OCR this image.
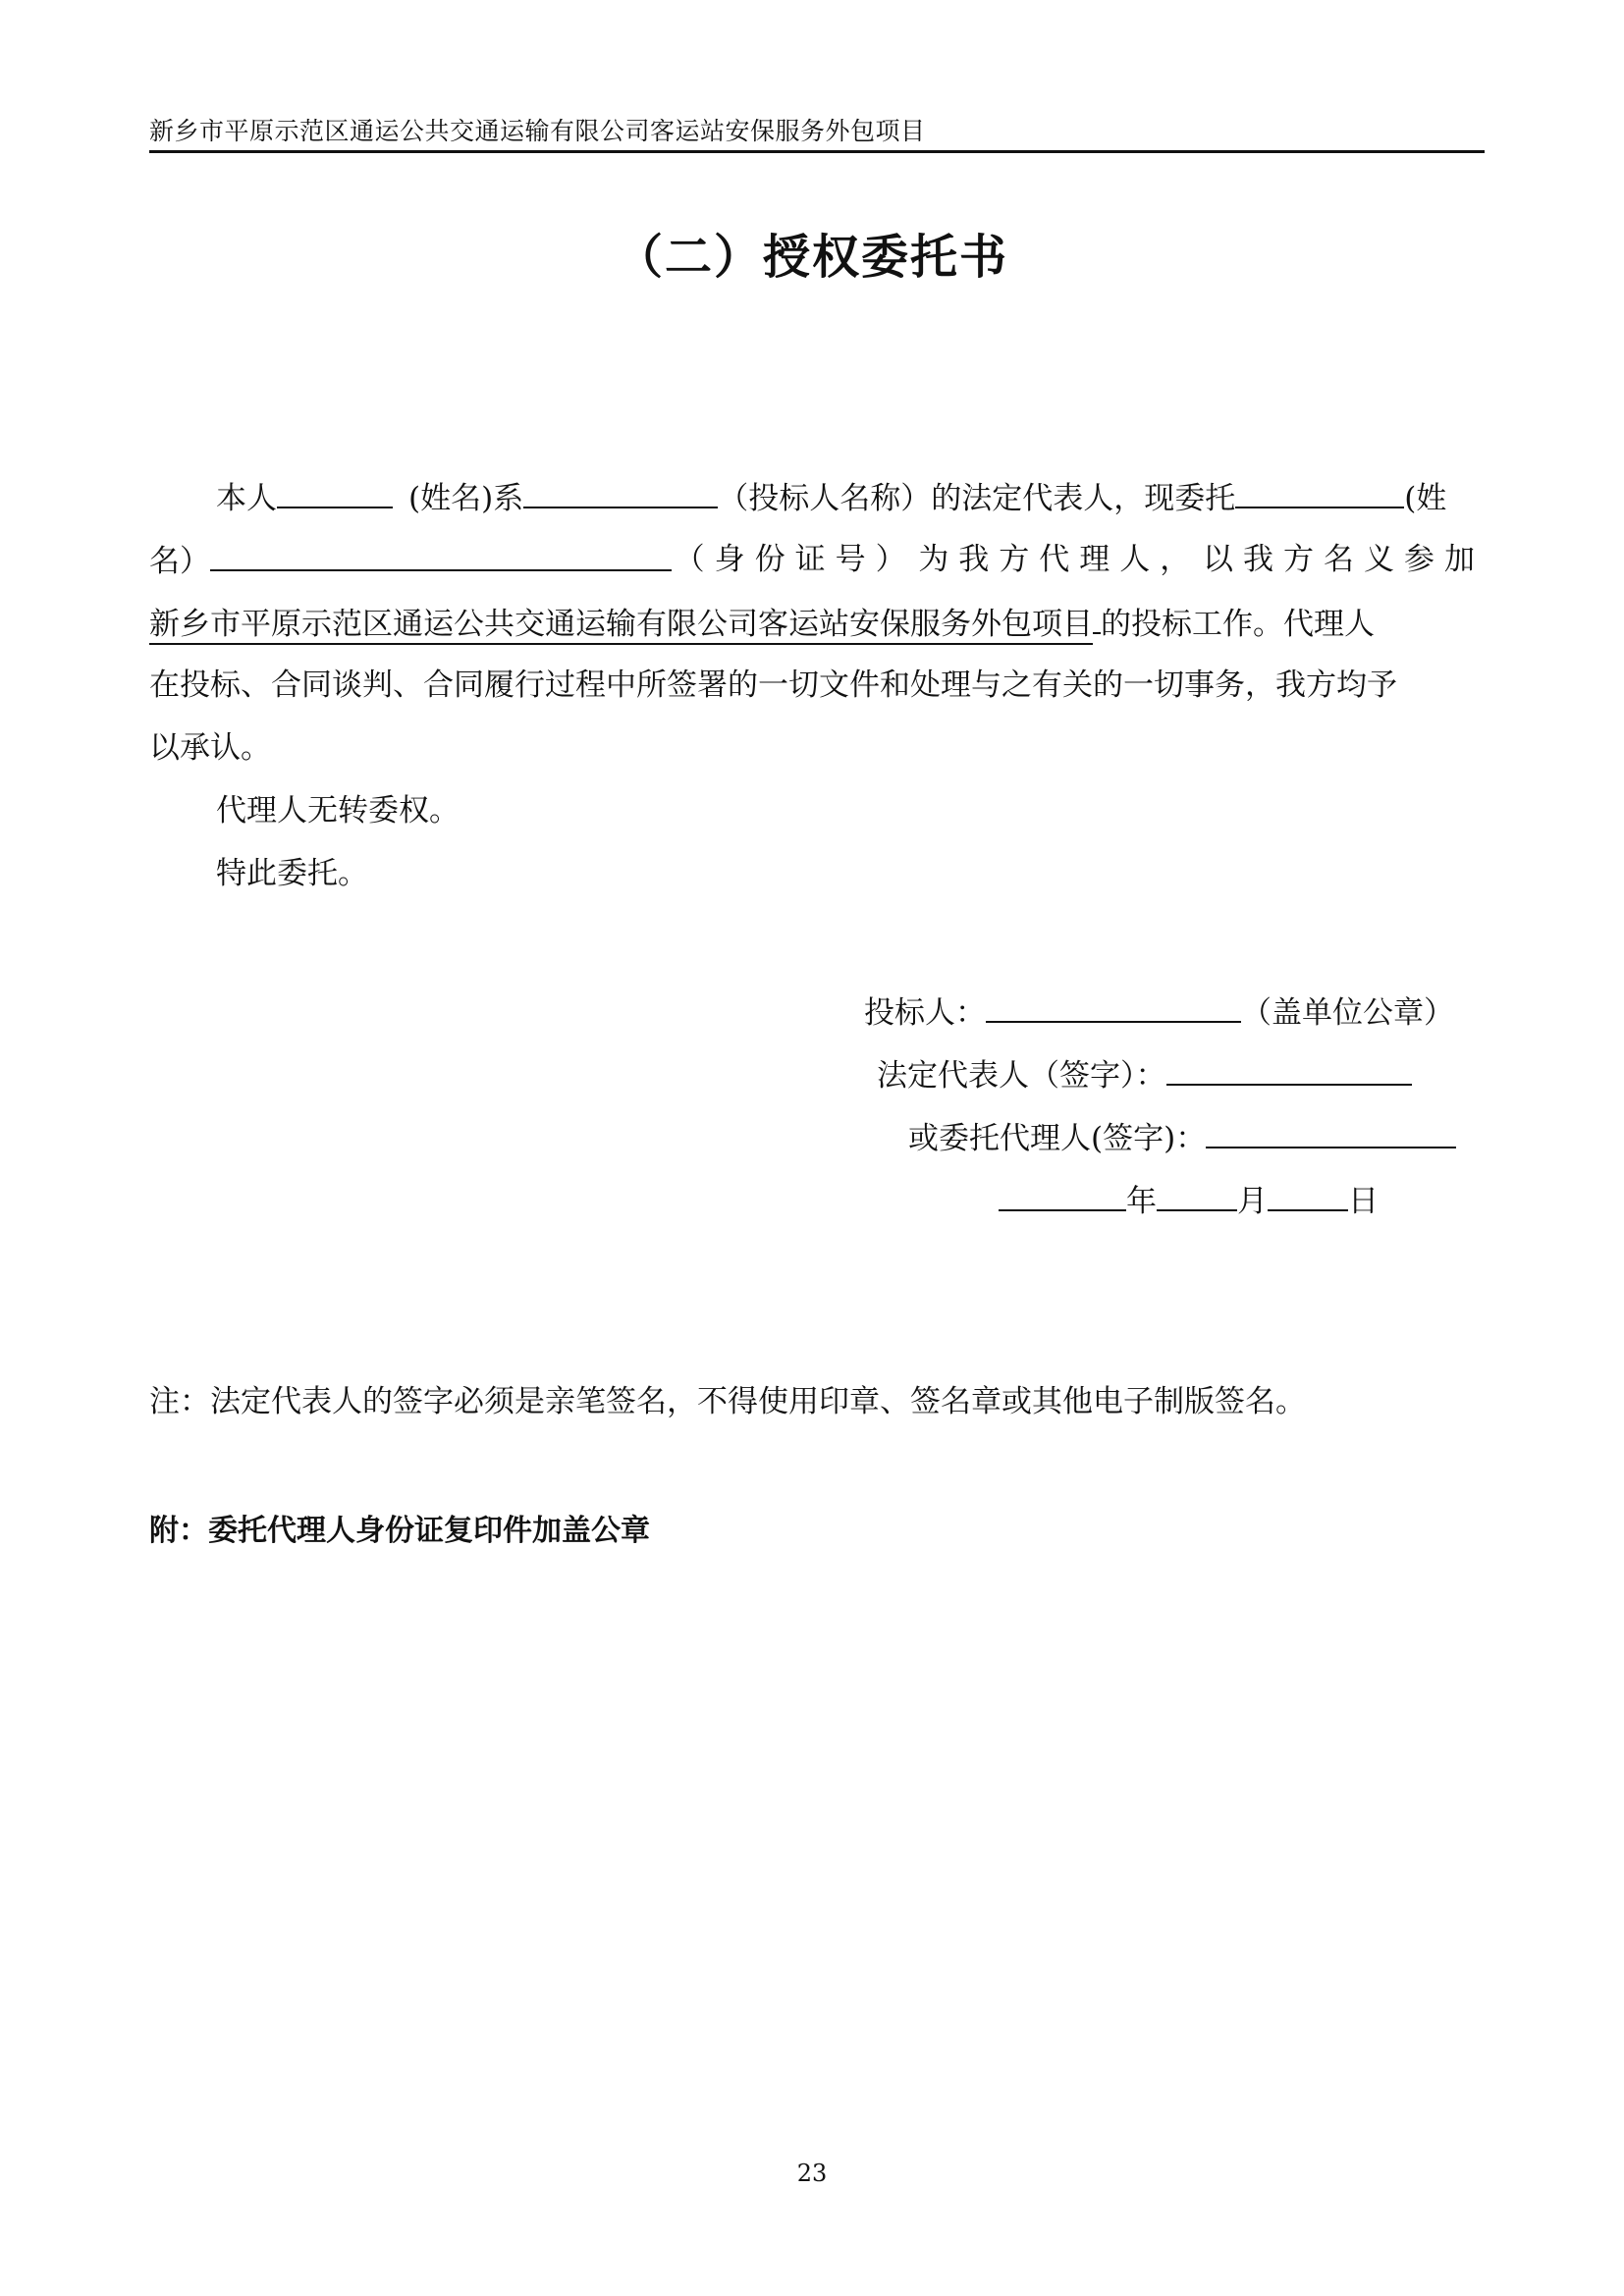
新乡市平原示范区通运公共交通运输有限公司客运站安保服务外包项目
（二）授权委托书
本人	(姓名)系	（投标人名称）的法定代表人，现委托	(姓
名）	（身份证号） 为我方代理人， 以我方名义参加
新乡市平原示范区通运公共交通运输有限公司客运站安保服务外包项目 的投标工作。代理人
在投标、合同谈判、合同履行过程中所签署的一切文件和处理与之有关的一切事务，我方均予
以承认。
代理人无转委权。
特此委托。
投标人：	（盖单位公章）
法定代表人（签字）：
或委托代理人(签字)：
年	月	日
注：法定代表人的签字必须是亲笔签名，不得使用印章、签名章或其他电子制版签名。
附：委托代理人身份证复印件加盖公章
23
